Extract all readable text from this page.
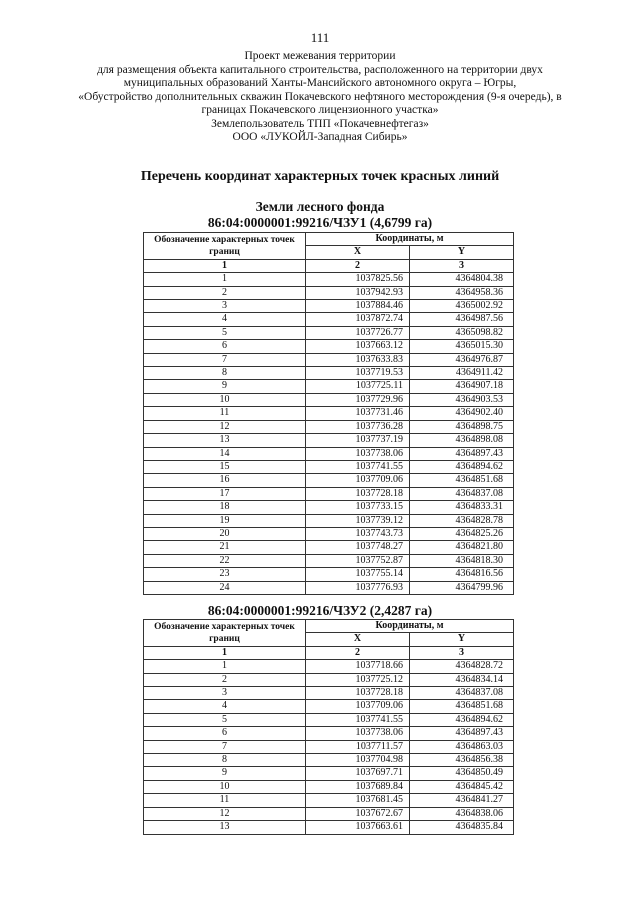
111
Проект межевания территории
для размещения объекта капитального строительства, расположенного на территории двух
муниципальных образований Ханты-Мансийского автономного округа – Югры,
«Обустройство дополнительных скважин Покачевского нефтяного месторождения (9-я очередь), в
границах Покачевского лицензионного участка»
Землепользователь ТПП «Покачевнефтегаз»
ООО «ЛУКОЙЛ-Западная Сибирь»
Перечень координат характерных точек красных линий
Земли лесного фонда
86:04:0000001:99216/ЧЗУ1 (4,6799 га)
Обозначение характерных точек границ	Координаты, м	
	X	Y
1	2	3
1	1037825.56	4364804.38
2	1037942.93	4364958.36
3	1037884.46	4365002.92
4	1037872.74	4364987.56
5	1037726.77	4365098.82
6	1037663.12	4365015.30
7	1037633.83	4364976.87
8	1037719.53	4364911.42
9	1037725.11	4364907.18
10	1037729.96	4364903.53
11	1037731.46	4364902.40
12	1037736.28	4364898.75
13	1037737.19	4364898.08
14	1037738.06	4364897.43
15	1037741.55	4364894.62
16	1037709.06	4364851.68
17	1037728.18	4364837.08
18	1037733.15	4364833.31
19	1037739.12	4364828.78
20	1037743.73	4364825.26
21	1037748.27	4364821.80
22	1037752.87	4364818.30
23	1037755.14	4364816.56
24	1037776.93	4364799.96
86:04:0000001:99216/ЧЗУ2 (2,4287 га)
Обозначение характерных точек границ	Координаты, м	
	X	Y
1	2	3
1	1037718.66	4364828.72
2	1037725.12	4364834.14
3	1037728.18	4364837.08
4	1037709.06	4364851.68
5	1037741.55	4364894.62
6	1037738.06	4364897.43
7	1037711.57	4364863.03
8	1037704.98	4364856.38
9	1037697.71	4364850.49
10	1037689.84	4364845.42
11	1037681.45	4364841.27
12	1037672.67	4364838.06
13	1037663.61	4364835.84
